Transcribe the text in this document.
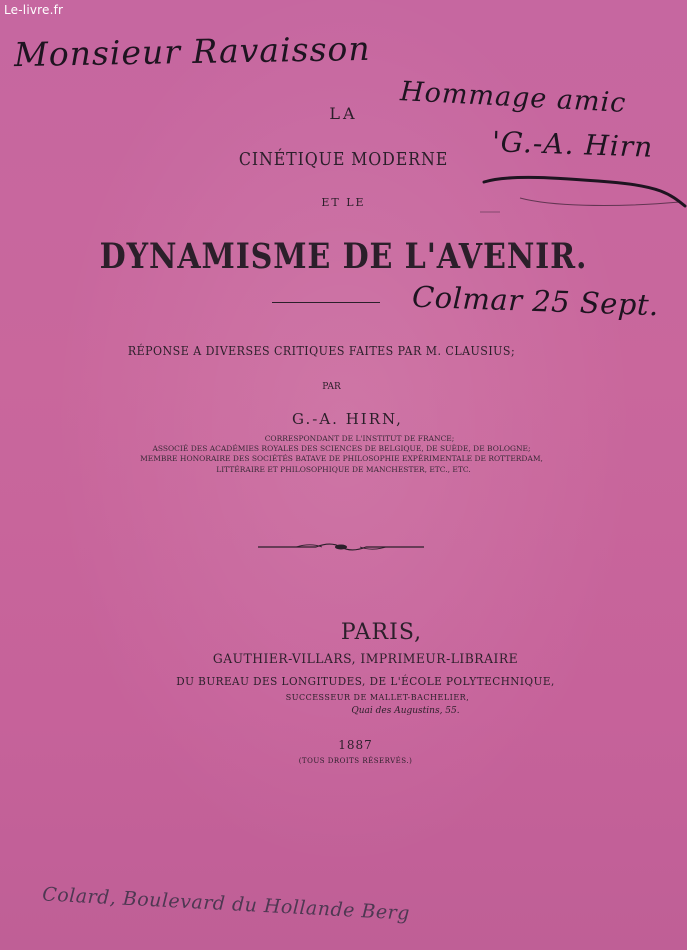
Le-livre.fr
Monsieur Ravaisson
Hommage amic
'G.-A. Hirn
LA
CINÉTIQUE MODERNE
ET LE
DYNAMISME DE L'AVENIR.
Colmar 25 Sept.
RÉPONSE A DIVERSES CRITIQUES FAITES PAR M. CLAUSIUS;
PAR
G.-A. HIRN,
CORRESPONDANT DE L'INSTITUT DE FRANCE;
ASSOCIÉ DES ACADÉMIES ROYALES DES SCIENCES DE BELGIQUE, DE SUÈDE, DE BOLOGNE;
MEMBRE HONORAIRE DES SOCIÉTÉS BATAVE DE PHILOSOPHIE EXPÉRIMENTALE DE ROTTERDAM,
LITTÉRAIRE ET PHILOSOPHIQUE DE MANCHESTER, ETC., ETC.
PARIS,
GAUTHIER-VILLARS, IMPRIMEUR-LIBRAIRE
DU BUREAU DES LONGITUDES, DE L'ÉCOLE POLYTECHNIQUE,
SUCCESSEUR DE MALLET-BACHELIER,
Quai des Augustins, 55.
1887
(TOUS DROITS RÉSERVÉS.)
Colard, Boulevard du Hollande Berg
